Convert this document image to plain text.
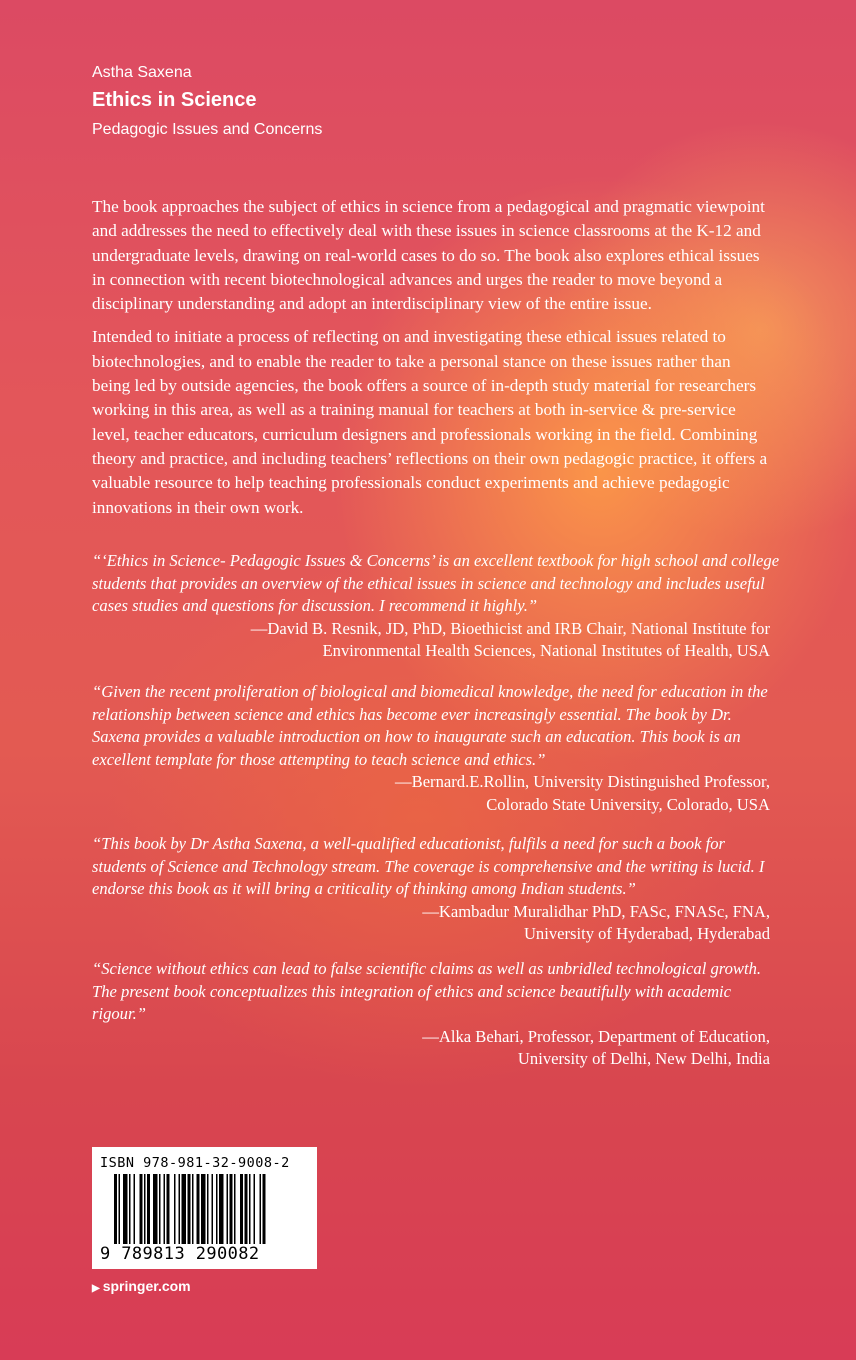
Astha Saxena

Ethics in Science

Pedagogic Issues and Concerns

The book approaches the subject of ethics in science from a pedagogical and pragmatic viewpoint and addresses the need to effectively deal with these issues in science classrooms at the K-12 and undergraduate levels, drawing on real-world cases to do so. The book also explores ethical issues in connection with recent biotechnological advances and urges the reader to move beyond a disciplinary understanding and adopt an interdisciplinary view of the entire issue.

Intended to initiate a process of reflecting on and investigating these ethical issues related to biotechnologies, and to enable the reader to take a personal stance on these issues rather than being led by outside agencies, the book offers a source of in-depth study material for researchers working in this area, as well as a training manual for teachers at both in-service & pre-service level, teacher educators, curriculum designers and professionals working in the field. Combining theory and practice, and including teachers’ reflections on their own pedagogic practice, it offers a valuable resource to help teaching professionals conduct experiments and achieve pedagogic innovations in their own work.

“‘Ethics in Science- Pedagogic Issues & Concerns’ is an excellent textbook for high school and college students that provides an overview of the ethical issues in science and technology and includes useful cases studies and questions for discussion. I recommend it highly.”

—David B. Resnik, JD, PhD, Bioethicist and IRB Chair, National Institute for

Environmental Health Sciences, National Institutes of Health, USA

“Given the recent proliferation of biological and biomedical knowledge, the need for education in the relationship between science and ethics has become ever increasingly essential. The book by Dr. Saxena provides a valuable introduction on how to inaugurate such an education. This book is an excellent template for those attempting to teach science and ethics.”

—Bernard.E.Rollin, University Distinguished Professor,

Colorado State University, Colorado, USA

“This book by Dr Astha Saxena, a well-qualified educationist, fulfils a need for such a book for students of Science and Technology stream. The coverage is comprehensive and the writing is lucid. I endorse this book as it will bring a criticality of thinking among Indian students.”

—Kambadur Muralidhar PhD, FASc, FNASc, FNA,

University of Hyderabad, Hyderabad

“Science without ethics can lead to false scientific claims as well as unbridled technological growth. The present book conceptualizes this integration of ethics and science beautifully with academic rigour.”

—Alka Behari, Professor, Department of Education,

University of Delhi, New Delhi, India

ISBN 978-981-32-9008-2
9 789813 290082
▶ springer.com
